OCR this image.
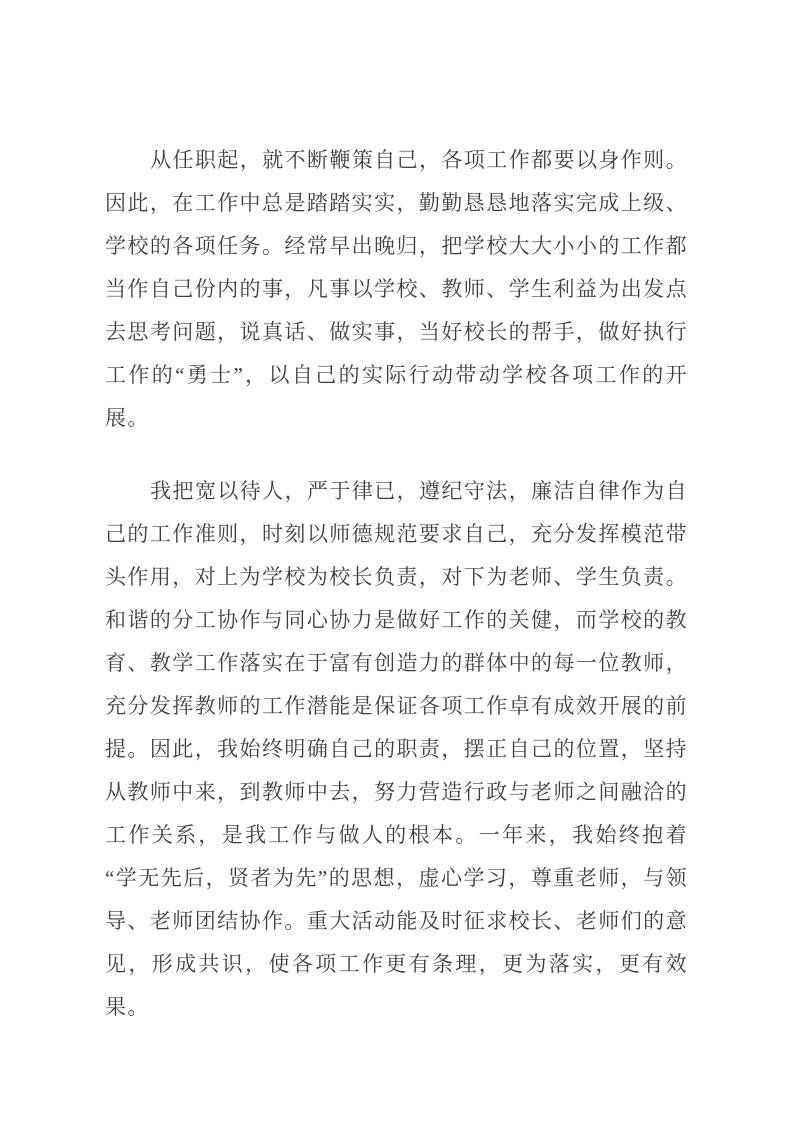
从任职起，就不断鞭策自己，各项工作都要以身作则。因此，在工作中总是踏踏实实，勤勤恳恳地落实完成上级、学校的各项任务。经常早出晚归，把学校大大小小的工作都当作自己份内的事，凡事以学校、教师、学生利益为出发点去思考问题，说真话、做实事，当好校长的帮手，做好执行工作的“勇士”，以自己的实际行动带动学校各项工作的开展。

我把宽以待人，严于律已，遵纪守法，廉洁自律作为自己的工作准则，时刻以师德规范要求自己，充分发挥模范带头作用，对上为学校为校长负责，对下为老师、学生负责。和谐的分工协作与同心协力是做好工作的关健，而学校的教育、教学工作落实在于富有创造力的群体中的每一位教师，充分发挥教师的工作潜能是保证各项工作卓有成效开展的前提。因此，我始终明确自己的职责，摆正自己的位置，坚持从教师中来，到教师中去，努力营造行政与老师之间融洽的工作关系，是我工作与做人的根本。一年来，我始终抱着“学无先后，贤者为先”的思想，虚心学习，尊重老师，与领导、老师团结协作。重大活动能及时征求校长、老师们的意见，形成共识，使各项工作更有条理，更为落实，更有效果。
